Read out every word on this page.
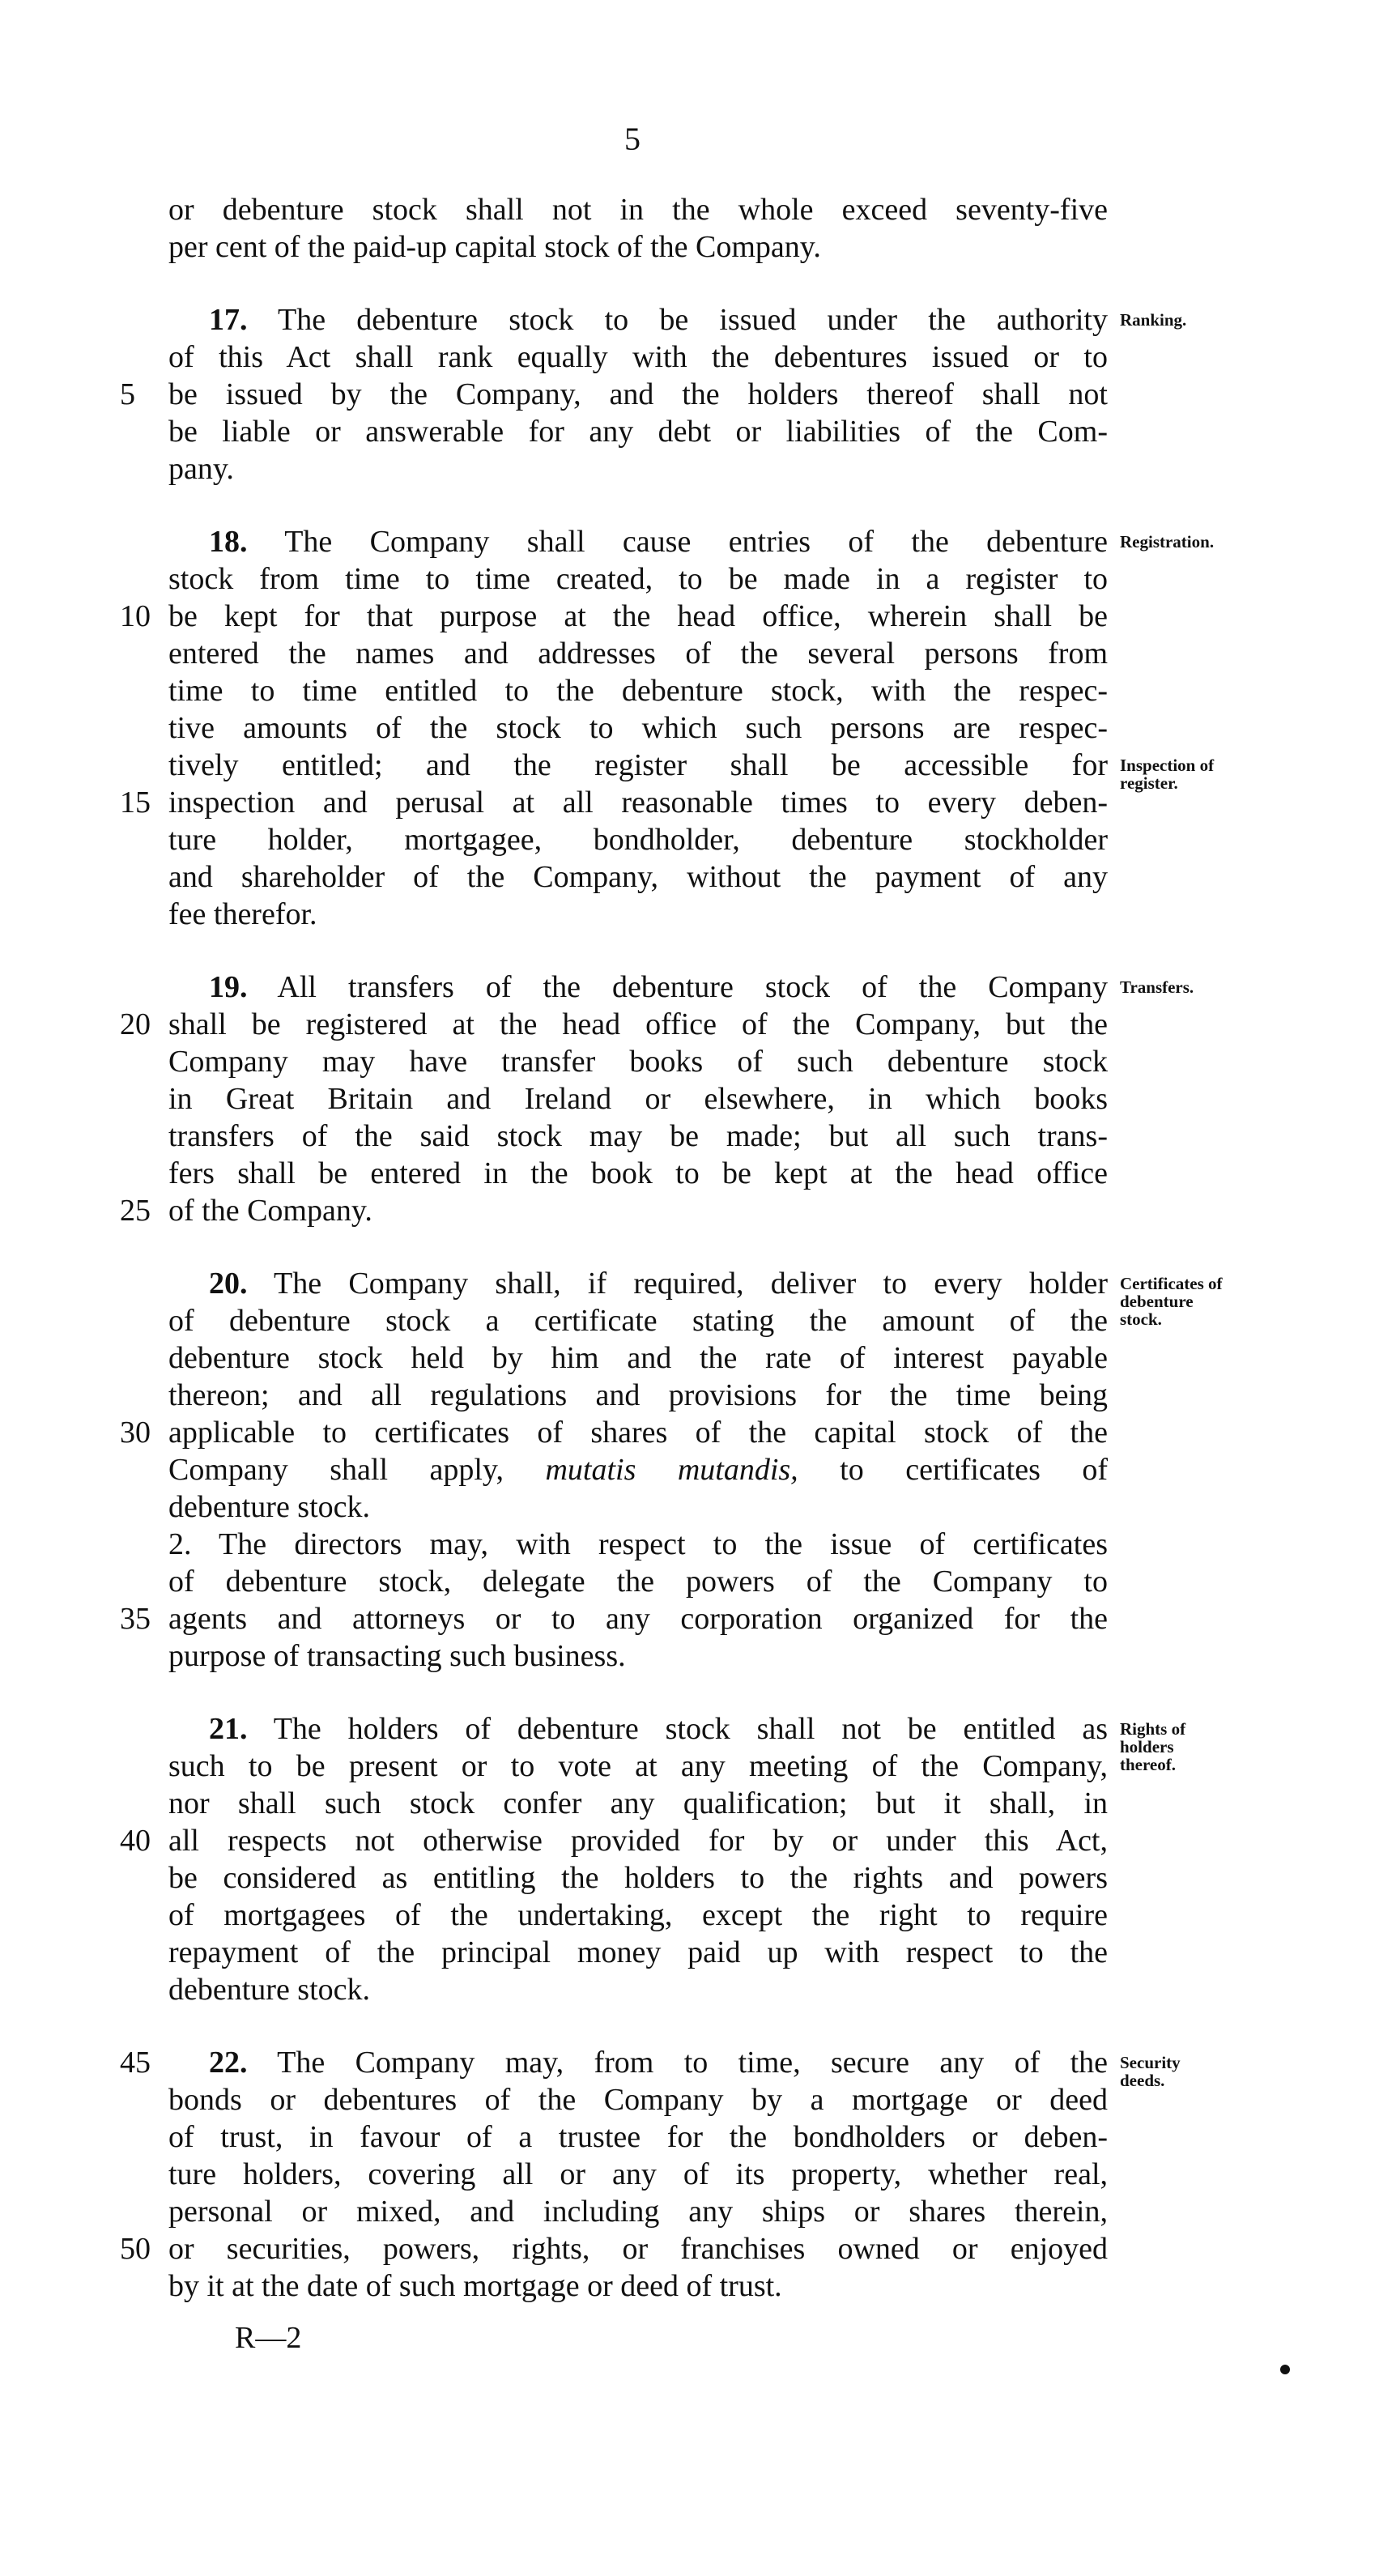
5
or debenture stock shall not in the whole exceed seventy-five
per cent of the paid-up capital stock of the Company.
17. The debenture stock to be issued under the authority
of this Act shall rank equally with the debentures issued or to
be issued by the Company, and the holders thereof shall not
be liable or answerable for any debt or liabilities of the Com-
pany.
18. The Company shall cause entries of the debenture
stock from time to time created, to be made in a register to
be kept for that purpose at the head office, wherein shall be
entered the names and addresses of the several persons from
time to time entitled to the debenture stock, with the respec-
tive amounts of the stock to which such persons are respec-
tively entitled; and the register shall be accessible for
inspection and perusal at all reasonable times to every deben-
ture holder, mortgagee, bondholder, debenture stockholder
and shareholder of the Company, without the payment of any
fee therefor.
19. All transfers of the debenture stock of the Company
shall be registered at the head office of the Company, but the
Company may have transfer books of such debenture stock
in Great Britain and Ireland or elsewhere, in which books
transfers of the said stock may be made; but all such trans-
fers shall be entered in the book to be kept at the head office
of the Company.
20. The Company shall, if required, deliver to every holder
of debenture stock a certificate stating the amount of the
debenture stock held by him and the rate of interest payable
thereon; and all regulations and provisions for the time being
applicable to certificates of shares of the capital stock of the
Company shall apply, mutatis mutandis, to certificates of
debenture stock.
2. The directors may, with respect to the issue of certificates
of debenture stock, delegate the powers of the Company to
agents and attorneys or to any corporation organized for the
purpose of transacting such business.
21. The holders of debenture stock shall not be entitled as
such to be present or to vote at any meeting of the Company,
nor shall such stock confer any qualification; but it shall, in
all respects not otherwise provided for by or under this Act,
be considered as entitling the holders to the rights and powers
of mortgagees of the undertaking, except the right to require
repayment of the principal money paid up with respect to the
debenture stock.
22. The Company may, from to time, secure any of the
bonds or debentures of the Company by a mortgage or deed
of trust, in favour of a trustee for the bondholders or deben-
ture holders, covering all or any of its property, whether real,
personal or mixed, and including any ships or shares therein,
or securities, powers, rights, or franchises owned or enjoyed
by it at the date of such mortgage or deed of trust.
5
10
15
20
25
30
35
40
45
50
Ranking.
Registration.
Inspection of
register.
Transfers.
Certificates of
debenture
stock.
Rights of
holders
thereof.
Security
deeds.
R—2
